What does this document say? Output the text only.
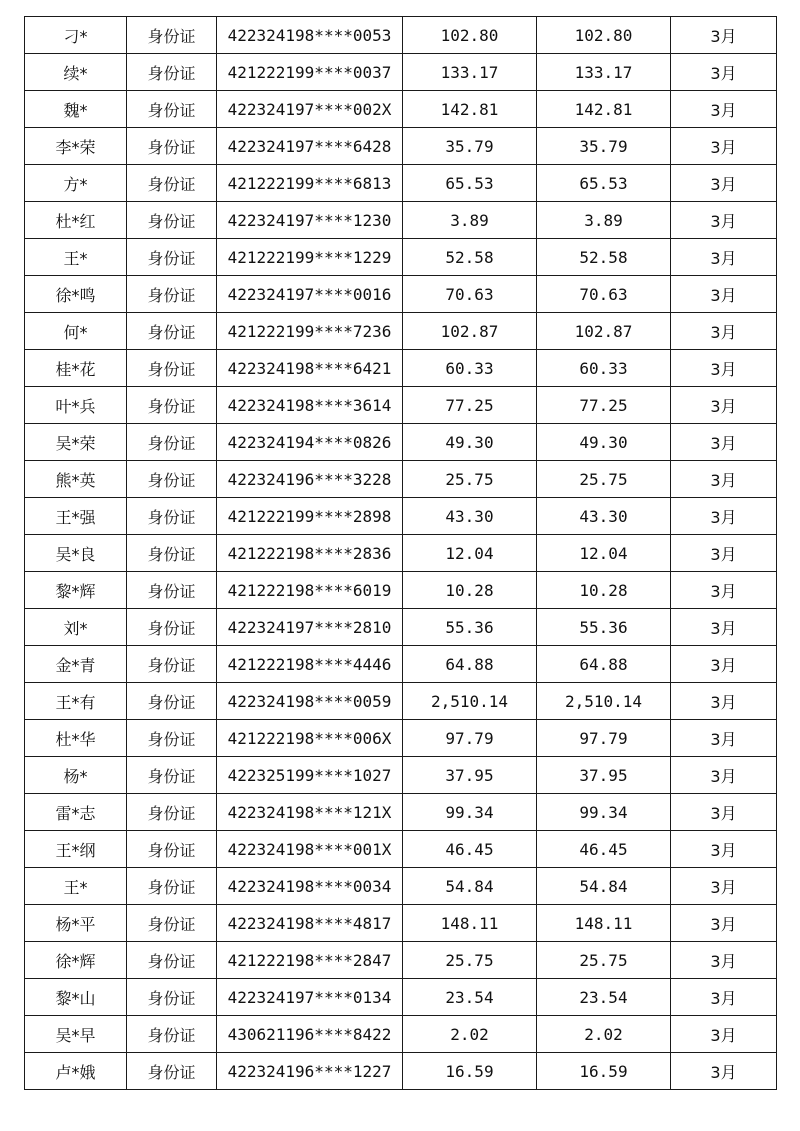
刁*	身份证	422324198****0053	102.80	102.80	3月
续*	身份证	421222199****0037	133.17	133.17	3月
魏*	身份证	422324197****002X	142.81	142.81	3月
李*荣	身份证	422324197****6428	35.79	35.79	3月
方*	身份证	421222199****6813	65.53	65.53	3月
杜*红	身份证	422324197****1230	3.89	3.89	3月
王*	身份证	421222199****1229	52.58	52.58	3月
徐*鸣	身份证	422324197****0016	70.63	70.63	3月
何*	身份证	421222199****7236	102.87	102.87	3月
桂*花	身份证	422324198****6421	60.33	60.33	3月
叶*兵	身份证	422324198****3614	77.25	77.25	3月
吴*荣	身份证	422324194****0826	49.30	49.30	3月
熊*英	身份证	422324196****3228	25.75	25.75	3月
王*强	身份证	421222199****2898	43.30	43.30	3月
吴*良	身份证	421222198****2836	12.04	12.04	3月
黎*辉	身份证	421222198****6019	10.28	10.28	3月
刘*	身份证	422324197****2810	55.36	55.36	3月
金*青	身份证	421222198****4446	64.88	64.88	3月
王*有	身份证	422324198****0059	2,510.14	2,510.14	3月
杜*华	身份证	421222198****006X	97.79	97.79	3月
杨*	身份证	422325199****1027	37.95	37.95	3月
雷*志	身份证	422324198****121X	99.34	99.34	3月
王*纲	身份证	422324198****001X	46.45	46.45	3月
王*	身份证	422324198****0034	54.84	54.84	3月
杨*平	身份证	422324198****4817	148.11	148.11	3月
徐*辉	身份证	421222198****2847	25.75	25.75	3月
黎*山	身份证	422324197****0134	23.54	23.54	3月
吴*早	身份证	430621196****8422	2.02	2.02	3月
卢*娥	身份证	422324196****1227	16.59	16.59	3月
